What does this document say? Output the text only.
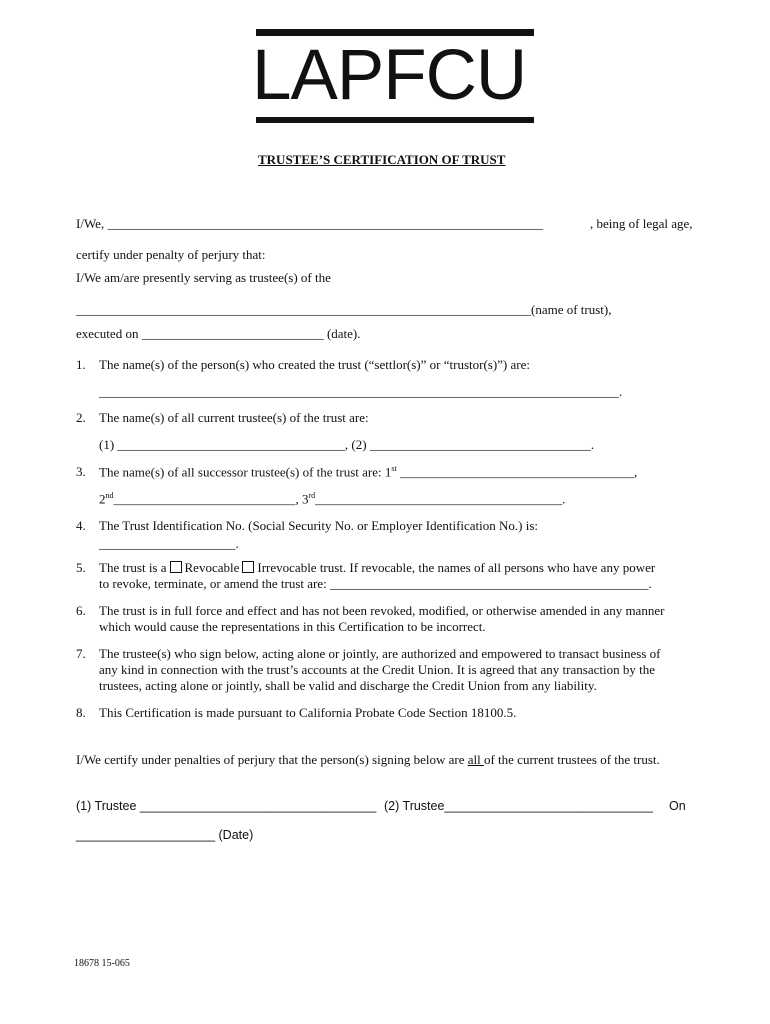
LAPFCU
TRUSTEE’S CERTIFICATION OF TRUST
I/We, ___________________________________________________________________	, being of legal age,
certify under penalty of perjury that:
I/We am/are presently serving as trustee(s) of the
______________________________________________________________________(name of trust),
executed on ____________________________ (date).
1. The name(s) of the person(s) who created the trust (“settlor(s)” or “trustor(s)”) are:
________________________________________________________________________________.
2. The name(s) of all current trustee(s) of the trust are:
(1) ___________________________________, (2) __________________________________.
3. The name(s) of all successor trustee(s) of the trust are: 1st ____________________________________,
2nd____________________________, 3rd______________________________________.
4. The Trust Identification No. (Social Security No. or Employer Identification No.) is:
_____________________.
5. The trust is a Revocable Irrevocable trust. If revocable, the names of all persons who have any power
to revoke, terminate, or amend the trust are: _________________________________________________.
6. The trust is in full force and effect and has not been revoked, modified, or otherwise amended in any manner
which would cause the representations in this Certification to be incorrect.
7. The trustee(s) who sign below, acting alone or jointly, are authorized and empowered to transact business of
any kind in connection with the trust’s accounts at the Credit Union. It is agreed that any transaction by the
trustees, acting alone or jointly, shall be valid and discharge the Credit Union from any liability.
8. This Certification is made pursuant to California Probate Code Section 18100.5.
I/We certify under penalties of perjury that the person(s) signing below are all of the current trustees of the trust.
(1) Trustee __________________________________ (2) Trustee______________________________ On
____________________ (Date)
18678 15-065
